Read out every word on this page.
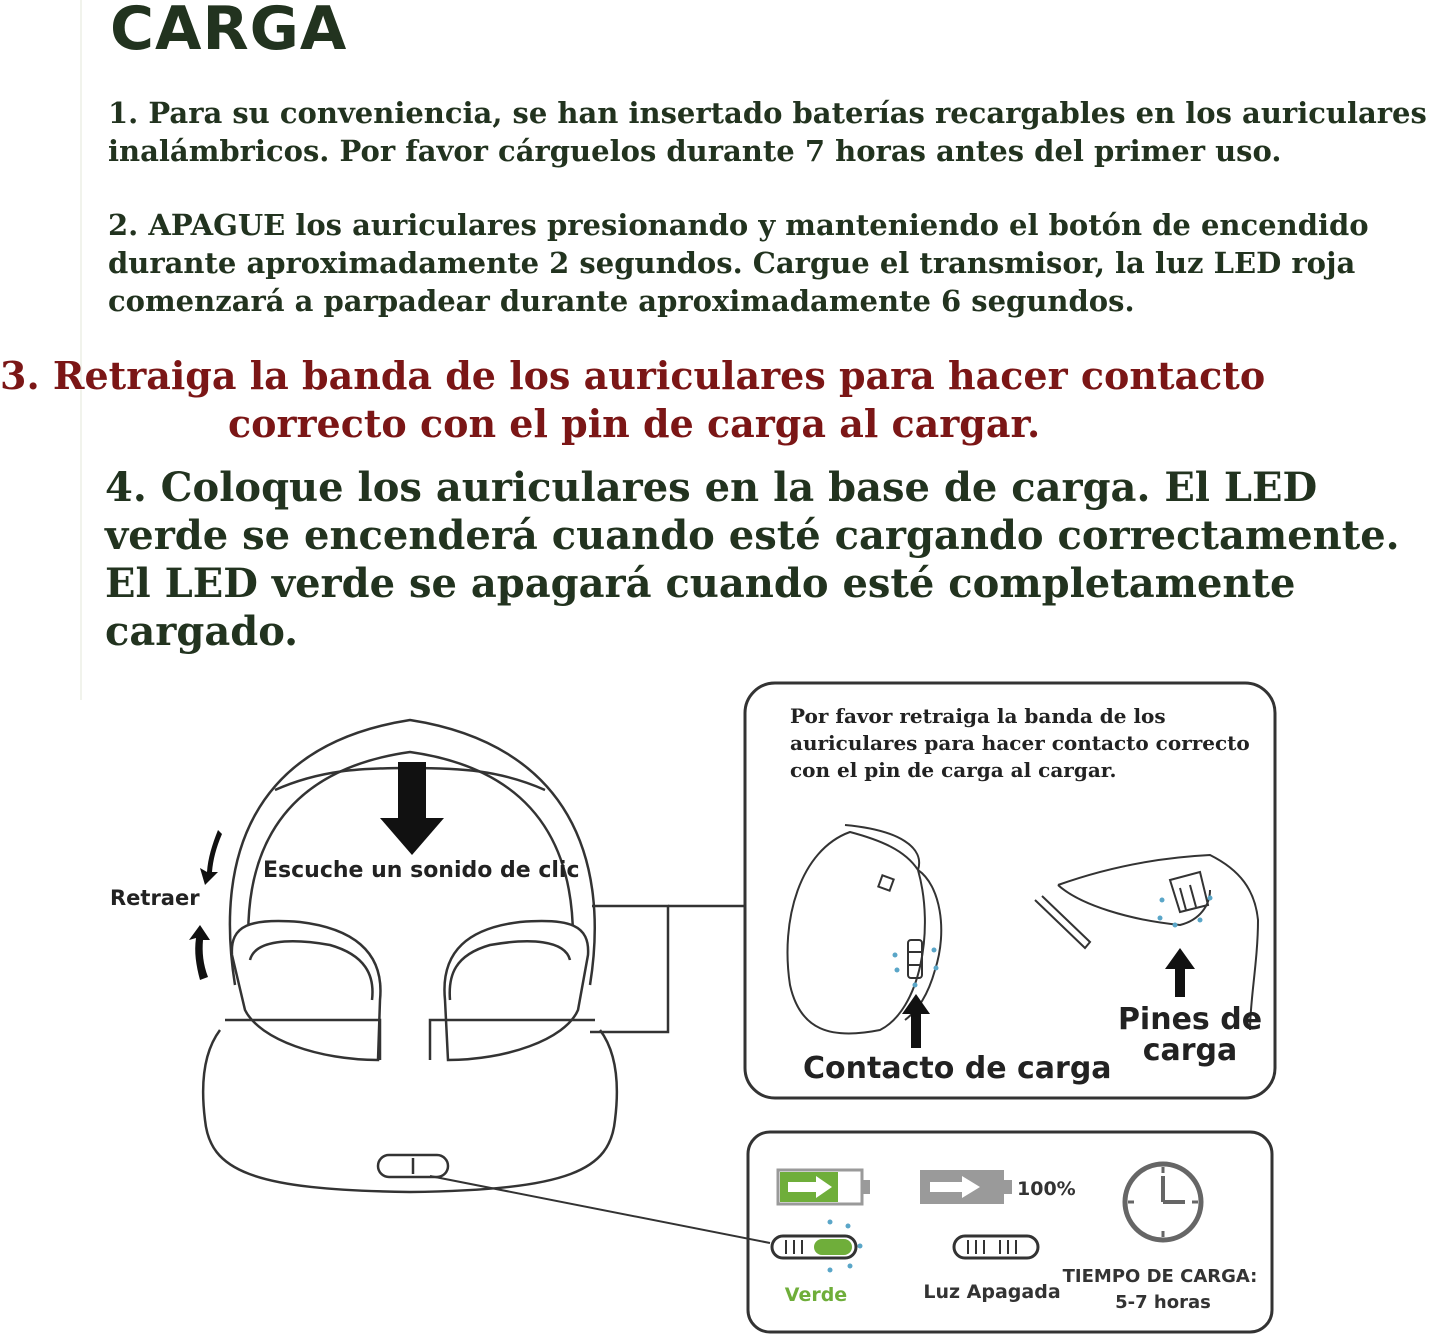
CARGA

1. Para su conveniencia, se han insertado baterías recargables en los auriculares inalámbricos. Por favor cárguelos durante 7 horas antes del primer uso.

2. APAGUE los auriculares presionando y manteniendo el botón de encendido durante aproximadamente 2 segundos. Cargue el transmisor, la luz LED roja comenzará a parpadear durante aproximadamente 6 segundos.

3. Retraiga la banda de los auriculares para hacer contacto
correcto con el pin de carga al cargar.

4. Coloque los auriculares en la base de carga. El LED verde se encenderá cuando esté cargando correctamente. El LED verde se apagará cuando esté completamente cargado.

Escuche un sonido de clic
Retraer
Por favor retraiga la banda de los
auriculares para hacer contacto correcto
con el pin de carga al cargar.
Contacto de carga
Pines de
carga
100%
Verde	Luz Apagada
TIEMPO DE CARGA:
5-7 horas
